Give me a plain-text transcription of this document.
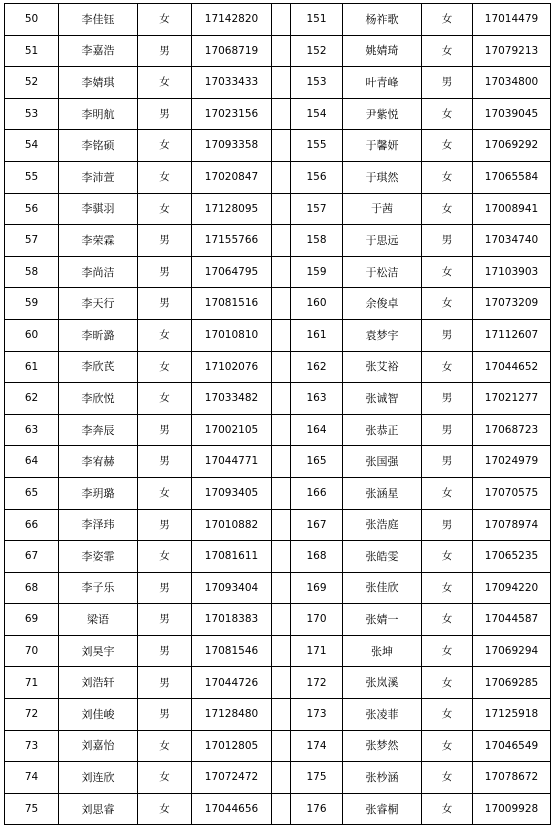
50	李佳钰	女	17142820		151	杨祚歌	女	17014479
51	李嘉浩	男	17068719		152	姚婧琦	女	17079213
52	李婧琪	女	17033433		153	叶青峰	男	17034800
53	李明航	男	17023156		154	尹紫悦	女	17039045
54	李铭硕	女	17093358		155	于馨妍	女	17069292
55	李沛萱	女	17020847		156	于琪然	女	17065584
56	李骐羽	女	17128095		157	于茜	女	17008941
57	李荣霖	男	17155766		158	于思远	男	17034740
58	李尚洁	男	17064795		159	于松洁	女	17103903
59	李天行	男	17081516		160	余俊卓	女	17073209
60	李昕潞	女	17010810		161	袁梦宇	男	17112607
61	李欣芪	女	17102076		162	张艾裕	女	17044652
62	李欣悦	女	17033482		163	张诚智	男	17021277
63	李奔辰	男	17002105		164	张恭正	男	17068723
64	李宥赫	男	17044771		165	张国强	男	17024979
65	李玥璐	女	17093405		166	张涵星	女	17070575
66	李泽玮	男	17010882		167	张浩庭	男	17078974
67	李姿霏	女	17081611		168	张皓雯	女	17065235
68	李子乐	男	17093404		169	张佳欣	女	17094220
69	梁语	男	17018383		170	张婧一	女	17044587
70	刘昊宇	男	17081546		171	张坤	女	17069294
71	刘浩轩	男	17044726		172	张岚溪	女	17069285
72	刘佳峻	男	17128480		173	张凌菲	女	17125918
73	刘嘉怡	女	17012805		174	张梦然	女	17046549
74	刘连欣	女	17072472		175	张杪涵	女	17078672
75	刘思睿	女	17044656		176	张睿桐	女	17009928
